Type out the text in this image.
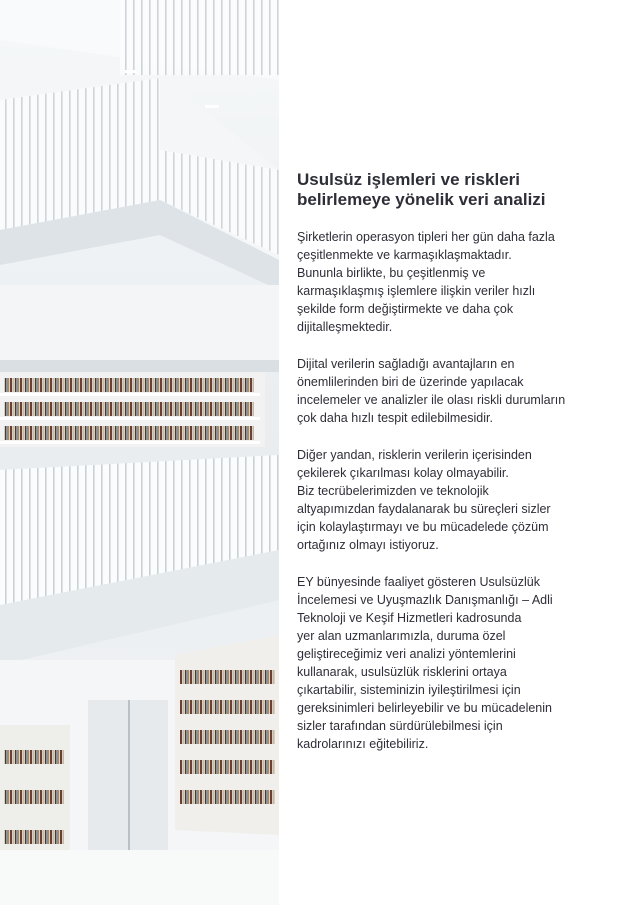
Usulsüz işlemleri ve riskleri
belirlemeye yönelik veri analizi
Şirketlerin operasyon tipleri her gün daha fazla
çeşitlenmekte ve karmaşıklaşmaktadır.
Bununla birlikte, bu çeşitlenmiş ve
karmaşıklaşmış işlemlere ilişkin veriler hızlı
şekilde form değiştirmekte ve daha çok
dijitalleşmektedir.
Dijital verilerin sağladığı avantajların en
önemlilerinden biri de üzerinde yapılacak
incelemeler ve analizler ile olası riskli durumların
çok daha hızlı tespit edilebilmesidir.
Diğer yandan, risklerin verilerin içerisinden
çekilerek çıkarılması kolay olmayabilir.
Biz tecrübelerimizden ve teknolojik
altyapımızdan faydalanarak bu süreçleri sizler
için kolaylaştırmayı ve bu mücadelede çözüm
ortağınız olmayı istiyoruz.
EY bünyesinde faaliyet gösteren Usulsüzlük
İncelemesi ve Uyuşmazlık Danışmanlığı – Adli
Teknoloji ve Keşif Hizmetleri kadrosunda
yer alan uzmanlarımızla, duruma özel
geliştireceğimiz veri analizi yöntemlerini
kullanarak, usulsüzlük risklerini ortaya
çıkartabilir, sisteminizin iyileştirilmesi için
gereksinimleri belirleyebilir ve bu mücadelenin
sizler tarafından sürdürülebilmesi için
kadrolarınızı eğitebiliriz.
